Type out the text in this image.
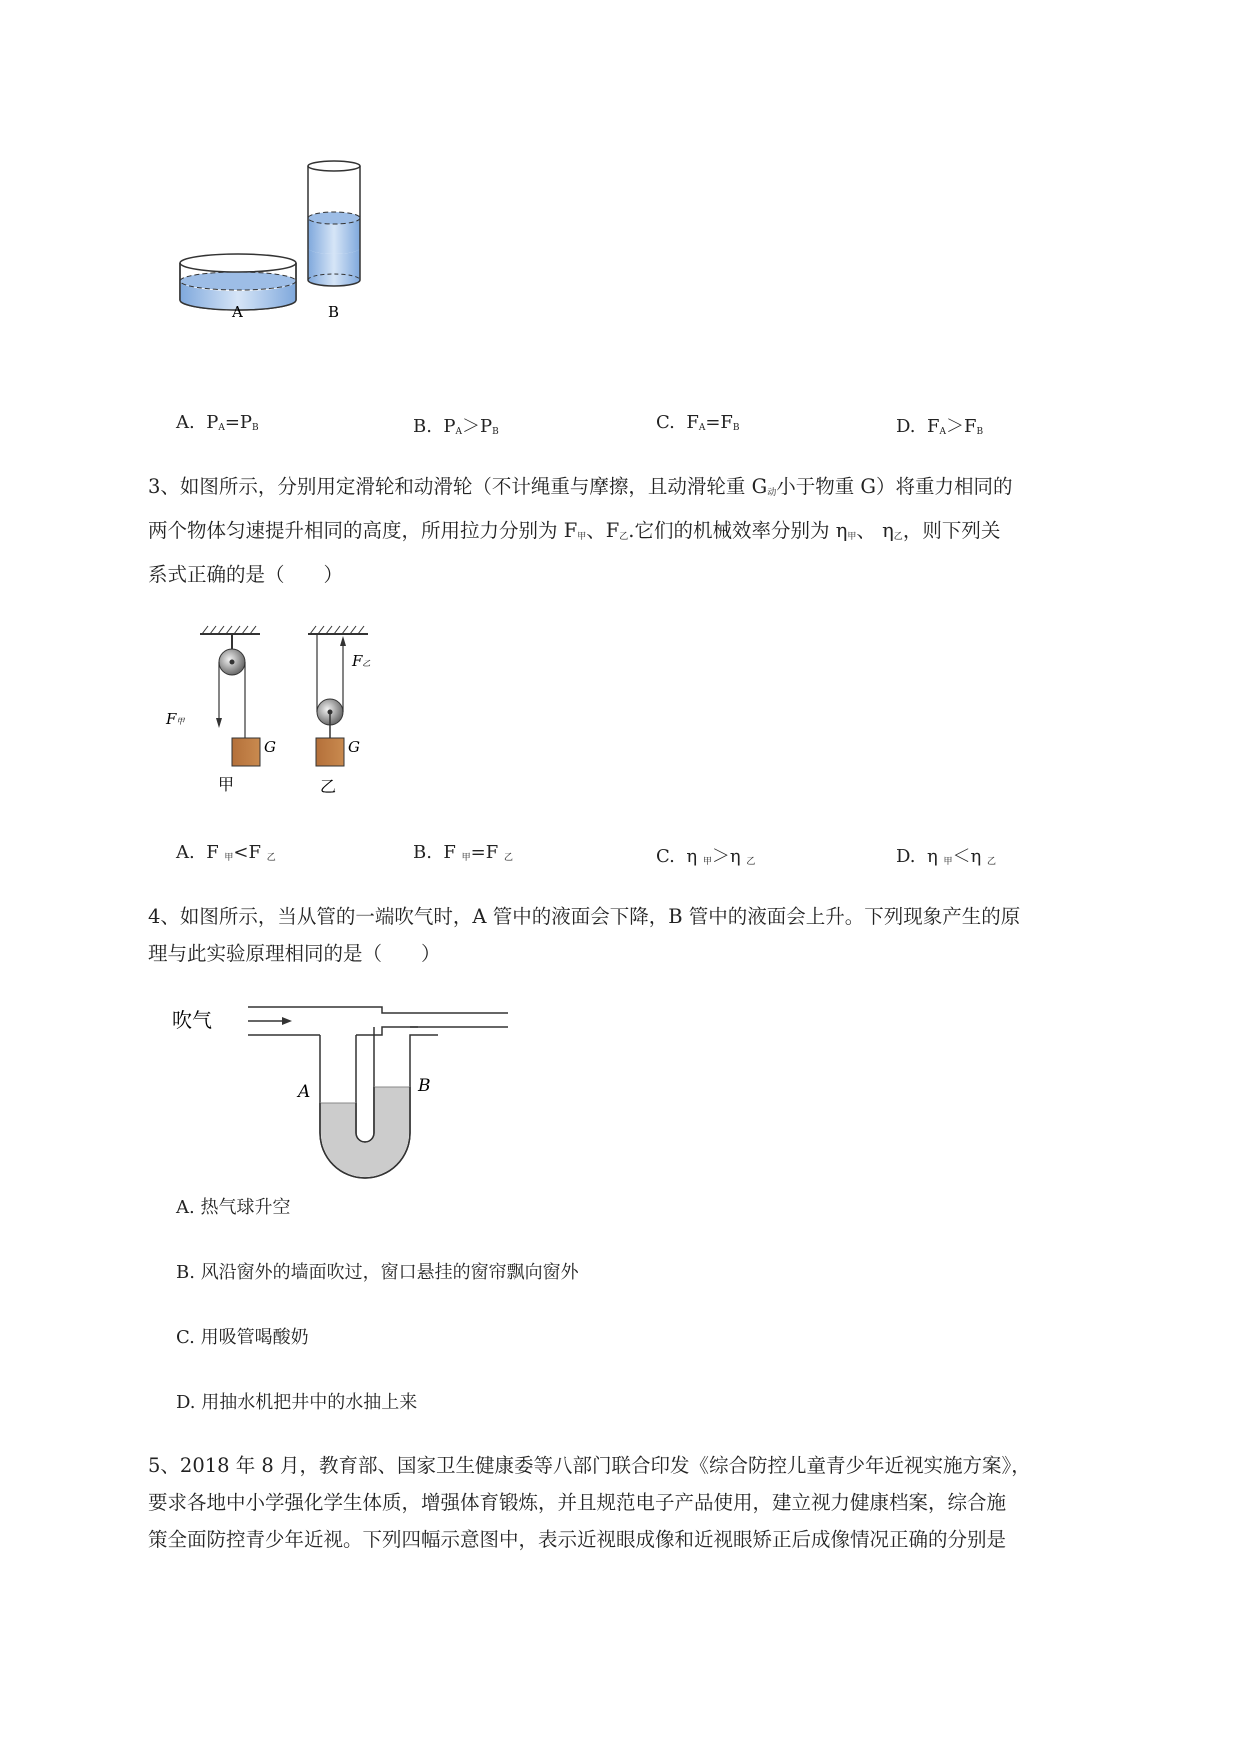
A	B
A. $P_A=P_B$	B. $P_A>P_B$	C. $F_A=F_B$	D. $F_A>F_B$
3、如图所示，分别用定滑轮和动滑轮（不计绳重与摩擦，且动滑轮重 $G_动$小于物重 G）将重力相同的
两个物体匀速提升相同的高度，所用拉力分别为 $F_甲$、$F_乙$.它们的机械效率分别为 $\eta_甲$、 $\eta_乙$，则下列关
系式正确的是（　　）
F甲
G
甲
F乙
G
乙
A. F $_甲$<F $_乙$	B. F $_甲$=F $_乙$	C. η $_甲$＞η $_乙$	D. η $_甲$＜η $_乙$
4、如图所示，当从管的一端吹气时，A 管中的液面会下降，B 管中的液面会上升。下列现象产生的原
理与此实验原理相同的是（　　）
吹气
A	B
A. 热气球升空
B. 风沿窗外的墙面吹过，窗口悬挂的窗帘飘向窗外
C. 用吸管喝酸奶
D. 用抽水机把井中的水抽上来
5、2018 年 8 月，教育部、国家卫生健康委等八部门联合印发《综合防控儿童青少年近视实施方案》，
要求各地中小学强化学生体质，增强体育锻炼，并且规范电子产品使用，建立视力健康档案，综合施
策全面防控青少年近视。下列四幅示意图中，表示近视眼成像和近视眼矫正后成像情况正确的分别是
